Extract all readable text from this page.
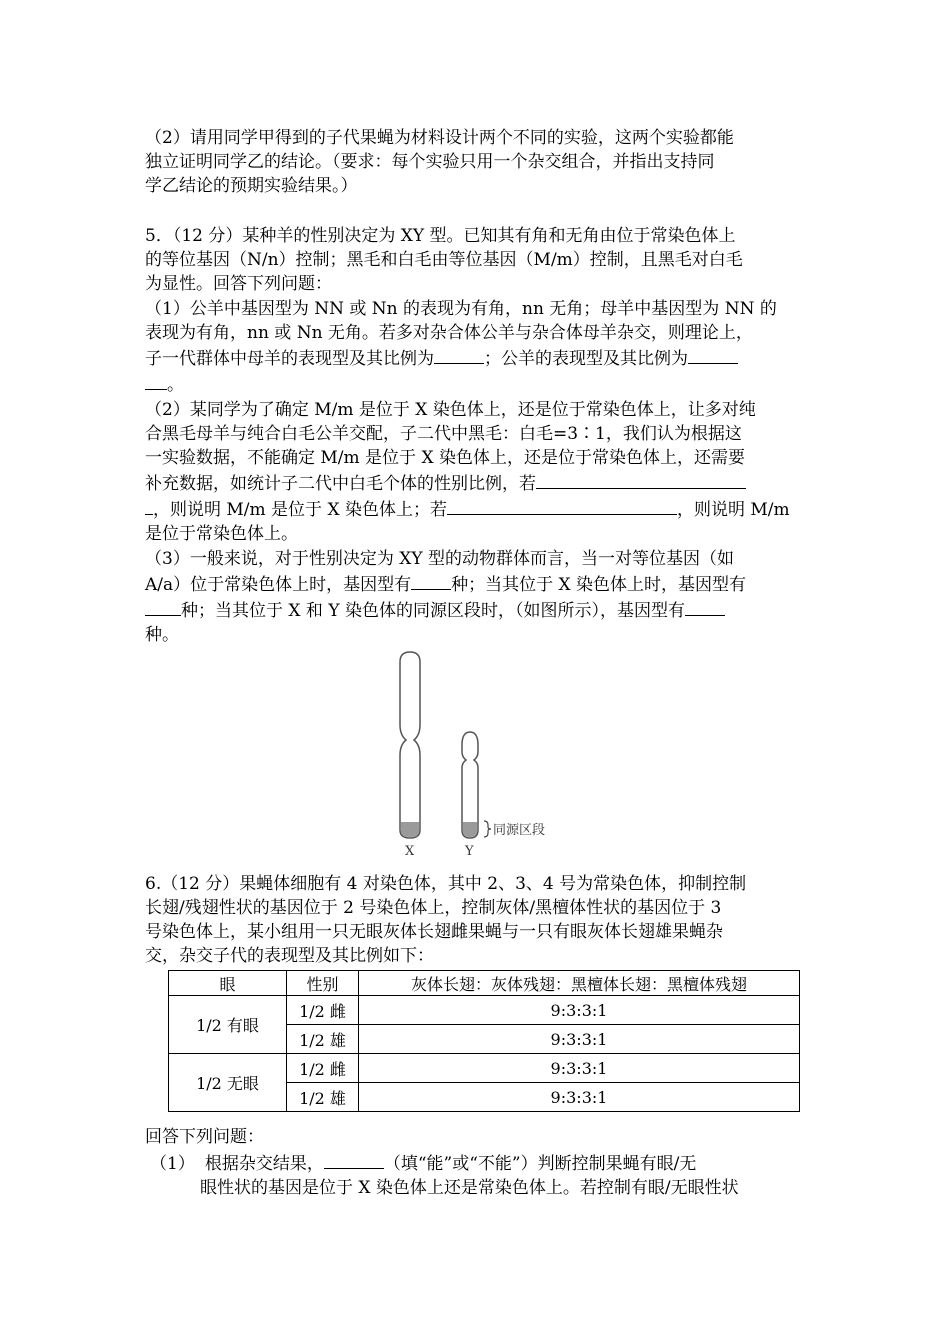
（2）请用同学甲得到的子代果蝇为材料设计两个不同的实验，这两个实验都能
独立证明同学乙的结论。（要求：每个实验只用一个杂交组合，并指出支持同
学乙结论的预期实验结果。）
5．（12 分）某种羊的性别决定为 XY 型。已知其有角和无角由位于常染色体上
的等位基因（N/n）控制；黑毛和白毛由等位基因（M/m）控制，且黑毛对白毛
为显性。回答下列问题：
（1）公羊中基因型为 NN 或 Nn 的表现为有角，nn 无角；母羊中基因型为 NN 的
表现为有角，nn 或 Nn 无角。若多对杂合体公羊与杂合体母羊杂交，则理论上，
子一代群体中母羊的表现型及其比例为	；公羊的表现型及其比例为
。
（2）某同学为了确定 M/m 是位于 X 染色体上，还是位于常染色体上，让多对纯
合黑毛母羊与纯合白毛公羊交配，子二代中黑毛：白毛=3∶1，我们认为根据这
一实验数据，不能确定 M/m 是位于 X 染色体上，还是位于常染色体上，还需要
补充数据，如统计子二代中白毛个体的性别比例，若
，则说明 M/m 是位于 X 染色体上；若	，则说明 M/m
是位于常染色体上。
（3）一般来说，对于性别决定为 XY 型的动物群体而言，当一对等位基因（如
A/a）位于常染色体上时，基因型有 种；当其位于 X 染色体上时，基因型有
种；当其位于 X 和 Y 染色体的同源区段时，（如图所示），基因型有
种。
同源区段
X	Y
6.（12 分）果蝇体细胞有 4 对染色体，其中 2、3、4 号为常染色体，抑制控制
长翅/残翅性状的基因位于 2 号染色体上，控制灰体/黑檀体性状的基因位于 3
号染色体上，某小组用一只无眼灰体长翅雌果蝇与一只有眼灰体长翅雄果蝇杂
交，杂交子代的表现型及其比例如下：
眼	性别	灰体长翅：灰体残翅：黑檀体长翅：黑檀体残翅
1/2 有眼	1/2 雌	9:3:3:1
	1/2 雄	9:3:3:1
1/2 无眼	1/2 雌	9:3:3:1
	1/2 雄	9:3:3:1
回答下列问题：
（1） 根据杂交结果，	（填“能”或“不能”）判断控制果蝇有眼/无
眼性状的基因是位于 X 染色体上还是常染色体上。若控制有眼/无眼性状
